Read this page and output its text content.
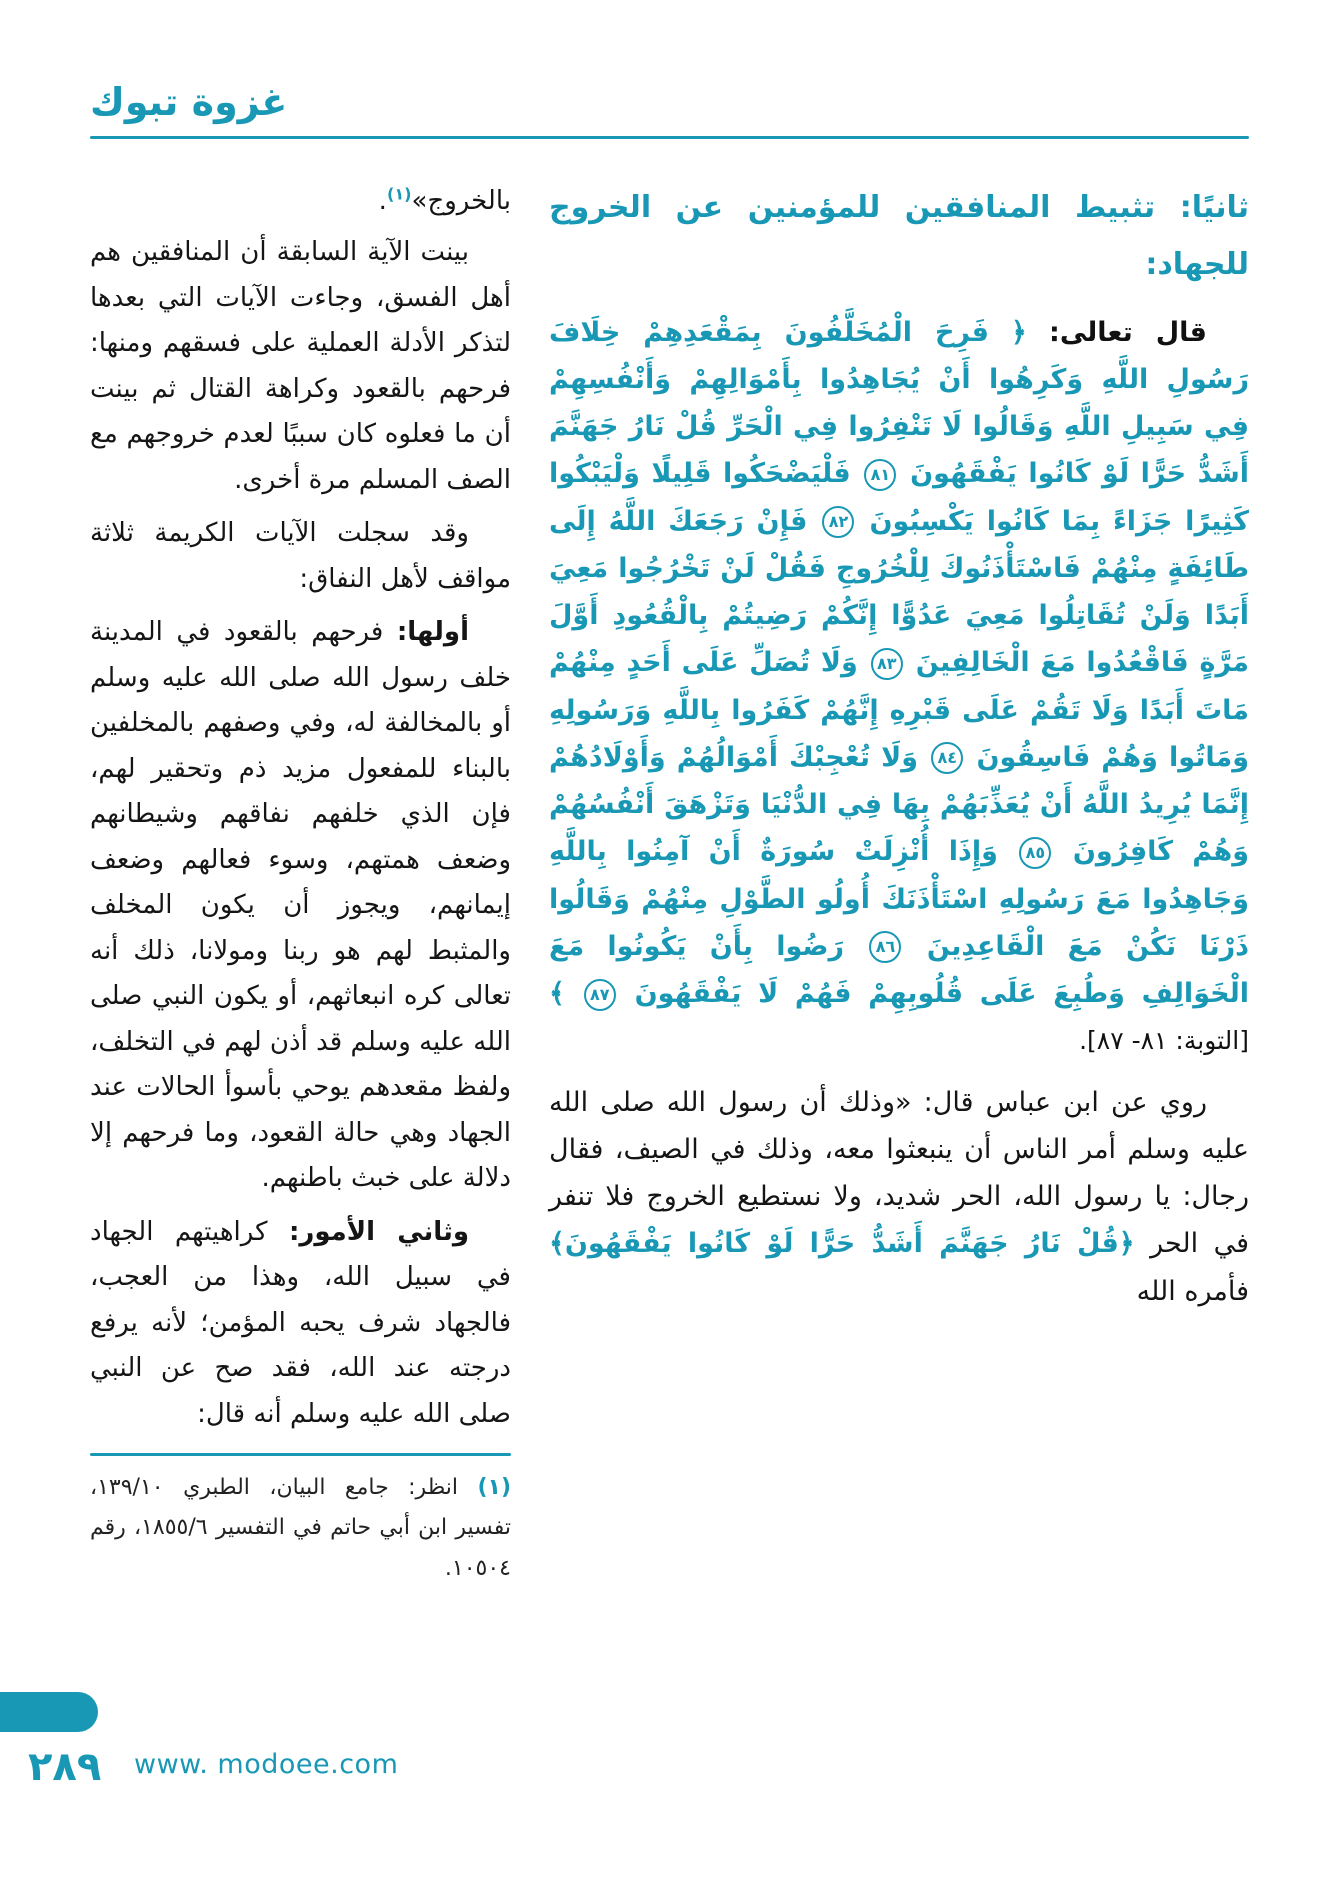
غزوة تبوك
ثانيًا: تثبيط المنافقين للمؤمنين عن الخروج للجهاد:

قال تعالى: ﴿ فَرِحَ الْمُخَلَّفُونَ بِمَقْعَدِهِمْ خِلَافَ رَسُولِ اللَّهِ وَكَرِهُوا أَنْ يُجَاهِدُوا بِأَمْوَالِهِمْ وَأَنْفُسِهِمْ فِي سَبِيلِ اللَّهِ وَقَالُوا لَا تَنْفِرُوا فِي الْحَرِّ قُلْ نَارُ جَهَنَّمَ أَشَدُّ حَرًّا لَوْ كَانُوا يَفْقَهُونَ ٨١ فَلْيَضْحَكُوا قَلِيلًا وَلْيَبْكُوا كَثِيرًا جَزَاءً بِمَا كَانُوا يَكْسِبُونَ ٨٢ فَإِنْ رَجَعَكَ اللَّهُ إِلَى طَائِفَةٍ مِنْهُمْ فَاسْتَأْذَنُوكَ لِلْخُرُوجِ فَقُلْ لَنْ تَخْرُجُوا مَعِيَ أَبَدًا وَلَنْ تُقَاتِلُوا مَعِيَ عَدُوًّا إِنَّكُمْ رَضِيتُمْ بِالْقُعُودِ أَوَّلَ مَرَّةٍ فَاقْعُدُوا مَعَ الْخَالِفِينَ ٨٣ وَلَا تُصَلِّ عَلَى أَحَدٍ مِنْهُمْ مَاتَ أَبَدًا وَلَا تَقُمْ عَلَى قَبْرِهِ إِنَّهُمْ كَفَرُوا بِاللَّهِ وَرَسُولِهِ وَمَاتُوا وَهُمْ فَاسِقُونَ ٨٤ وَلَا تُعْجِبْكَ أَمْوَالُهُمْ وَأَوْلَادُهُمْ إِنَّمَا يُرِيدُ اللَّهُ أَنْ يُعَذِّبَهُمْ بِهَا فِي الدُّنْيَا وَتَزْهَقَ أَنْفُسُهُمْ وَهُمْ كَافِرُونَ ٨٥ وَإِذَا أُنْزِلَتْ سُورَةٌ أَنْ آمِنُوا بِاللَّهِ وَجَاهِدُوا مَعَ رَسُولِهِ اسْتَأْذَنَكَ أُولُو الطَّوْلِ مِنْهُمْ وَقَالُوا ذَرْنَا نَكُنْ مَعَ الْقَاعِدِينَ ٨٦ رَضُوا بِأَنْ يَكُونُوا مَعَ الْخَوَالِفِ وَطُبِعَ عَلَى قُلُوبِهِمْ فَهُمْ لَا يَفْقَهُونَ ٨٧ ﴾ [التوبة: ٨١- ٨٧].

روي عن ابن عباس قال: «وذلك أن رسول الله صلى الله عليه وسلم أمر الناس أن ينبعثوا معه، وذلك في الصيف، فقال رجال: يا رسول الله، الحر شديد، ولا نستطيع الخروج فلا تنفر في الحر ﴿قُلْ نَارُ جَهَنَّمَ أَشَدُّ حَرًّا لَوْ كَانُوا يَفْقَهُونَ﴾ فأمره الله

بالخروج»$^{(١)}$.

بينت الآية السابقة أن المنافقين هم أهل الفسق، وجاءت الآيات التي بعدها لتذكر الأدلة العملية على فسقهم ومنها: فرحهم بالقعود وكراهة القتال ثم بينت أن ما فعلوه كان سببًا لعدم خروجهم مع الصف المسلم مرة أخرى.

وقد سجلت الآيات الكريمة ثلاثة مواقف لأهل النفاق:

أولها: فرحهم بالقعود في المدينة خلف رسول الله صلى الله عليه وسلم أو بالمخالفة له، وفي وصفهم بالمخلفين بالبناء للمفعول مزيد ذم وتحقير لهم، فإن الذي خلفهم نفاقهم وشيطانهم وضعف همتهم، وسوء فعالهم وضعف إيمانهم، ويجوز أن يكون المخلف والمثبط لهم هو ربنا ومولانا، ذلك أنه تعالى كره انبعاثهم، أو يكون النبي صلى الله عليه وسلم قد أذن لهم في التخلف، ولفظ مقعدهم يوحي بأسوأ الحالات عند الجهاد وهي حالة القعود، وما فرحهم إلا دلالة على خبث باطنهم.

وثاني الأمور: كراهيتهم الجهاد في سبيل الله، وهذا من العجب، فالجهاد شرف يحبه المؤمن؛ لأنه يرفع درجته عند الله، فقد صح عن النبي صلى الله عليه وسلم أنه قال:

(١) انظر: جامع البيان، الطبري ١٣٩/١٠، تفسير ابن أبي حاتم في التفسير ١٨٥٥/٦، رقم ١٠٥٠٤.

٢٨٩ www. modoee.com
